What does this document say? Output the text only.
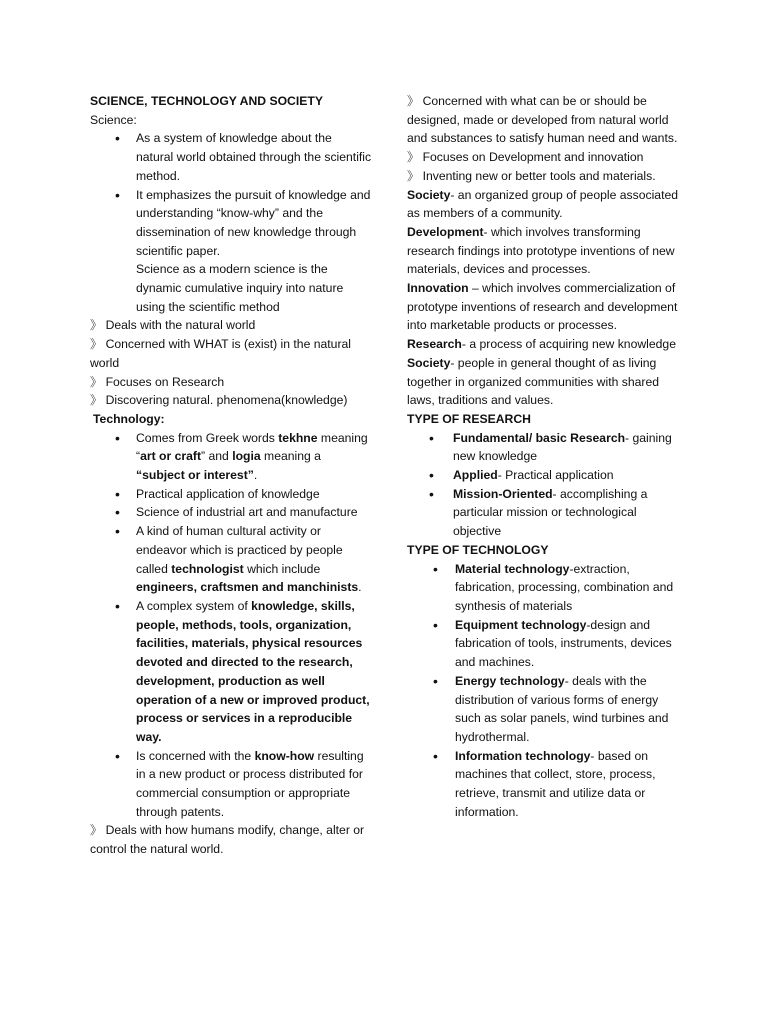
SCIENCE, TECHNOLOGY AND SOCIETY

Science:

• As a system of knowledge about the natural world obtained through the scientific method.
• It emphasizes the pursuit of knowledge and understanding “know-why” and the dissemination of new knowledge through scientific paper.

Science as a modern science is the dynamic cumulative inquiry into nature using the scientific method

》 Deals with the natural world

》 Concerned with WHAT is (exist) in the natural world

》 Focuses on Research

》 Discovering natural. phenomena(knowledge)

Technology:

• Comes from Greek words tekhne meaning “art or craft” and logia meaning a “subject or interest”.
• Practical application of knowledge
• Science of industrial art and manufacture
• A kind of human cultural activity or endeavor which is practiced by people called technologist which include engineers, craftsmen and manchinists.
• A complex system of knowledge, skills, people, methods, tools, organization, facilities, materials, physical resources devoted and directed to the research, development, production as well operation of a new or improved product, process or services in a reproducible way.
• Is concerned with the know-how resulting in a new product or process distributed for commercial consumption or appropriate through patents.

》 Deals with how humans modify, change, alter or control the natural world.

》 Concerned with what can be or should be designed, made or developed from natural world and substances to satisfy human need and wants.

》 Focuses on Development and innovation

》 Inventing new or better tools and materials.

Society- an organized group of people associated as members of a community.

Development- which involves transforming research findings into prototype inventions of new materials, devices and processes.

Innovation – which involves commercialization of prototype inventions of research and development into marketable products or processes.

Research- a process of acquiring new knowledge

Society- people in general thought of as living together in organized communities with shared laws, traditions and values.

TYPE OF RESEARCH

• Fundamental/ basic Research- gaining new knowledge
• Applied- Practical application
• Mission-Oriented- accomplishing a particular mission or technological objective

TYPE OF TECHNOLOGY

• Material technology-extraction, fabrication, processing, combination and synthesis of materials
• Equipment technology-design and fabrication of tools, instruments, devices and machines.
• Energy technology- deals with the distribution of various forms of energy such as solar panels, wind turbines and hydrothermal.
• Information technology- based on machines that collect, store, process, retrieve, transmit and utilize data or information.
